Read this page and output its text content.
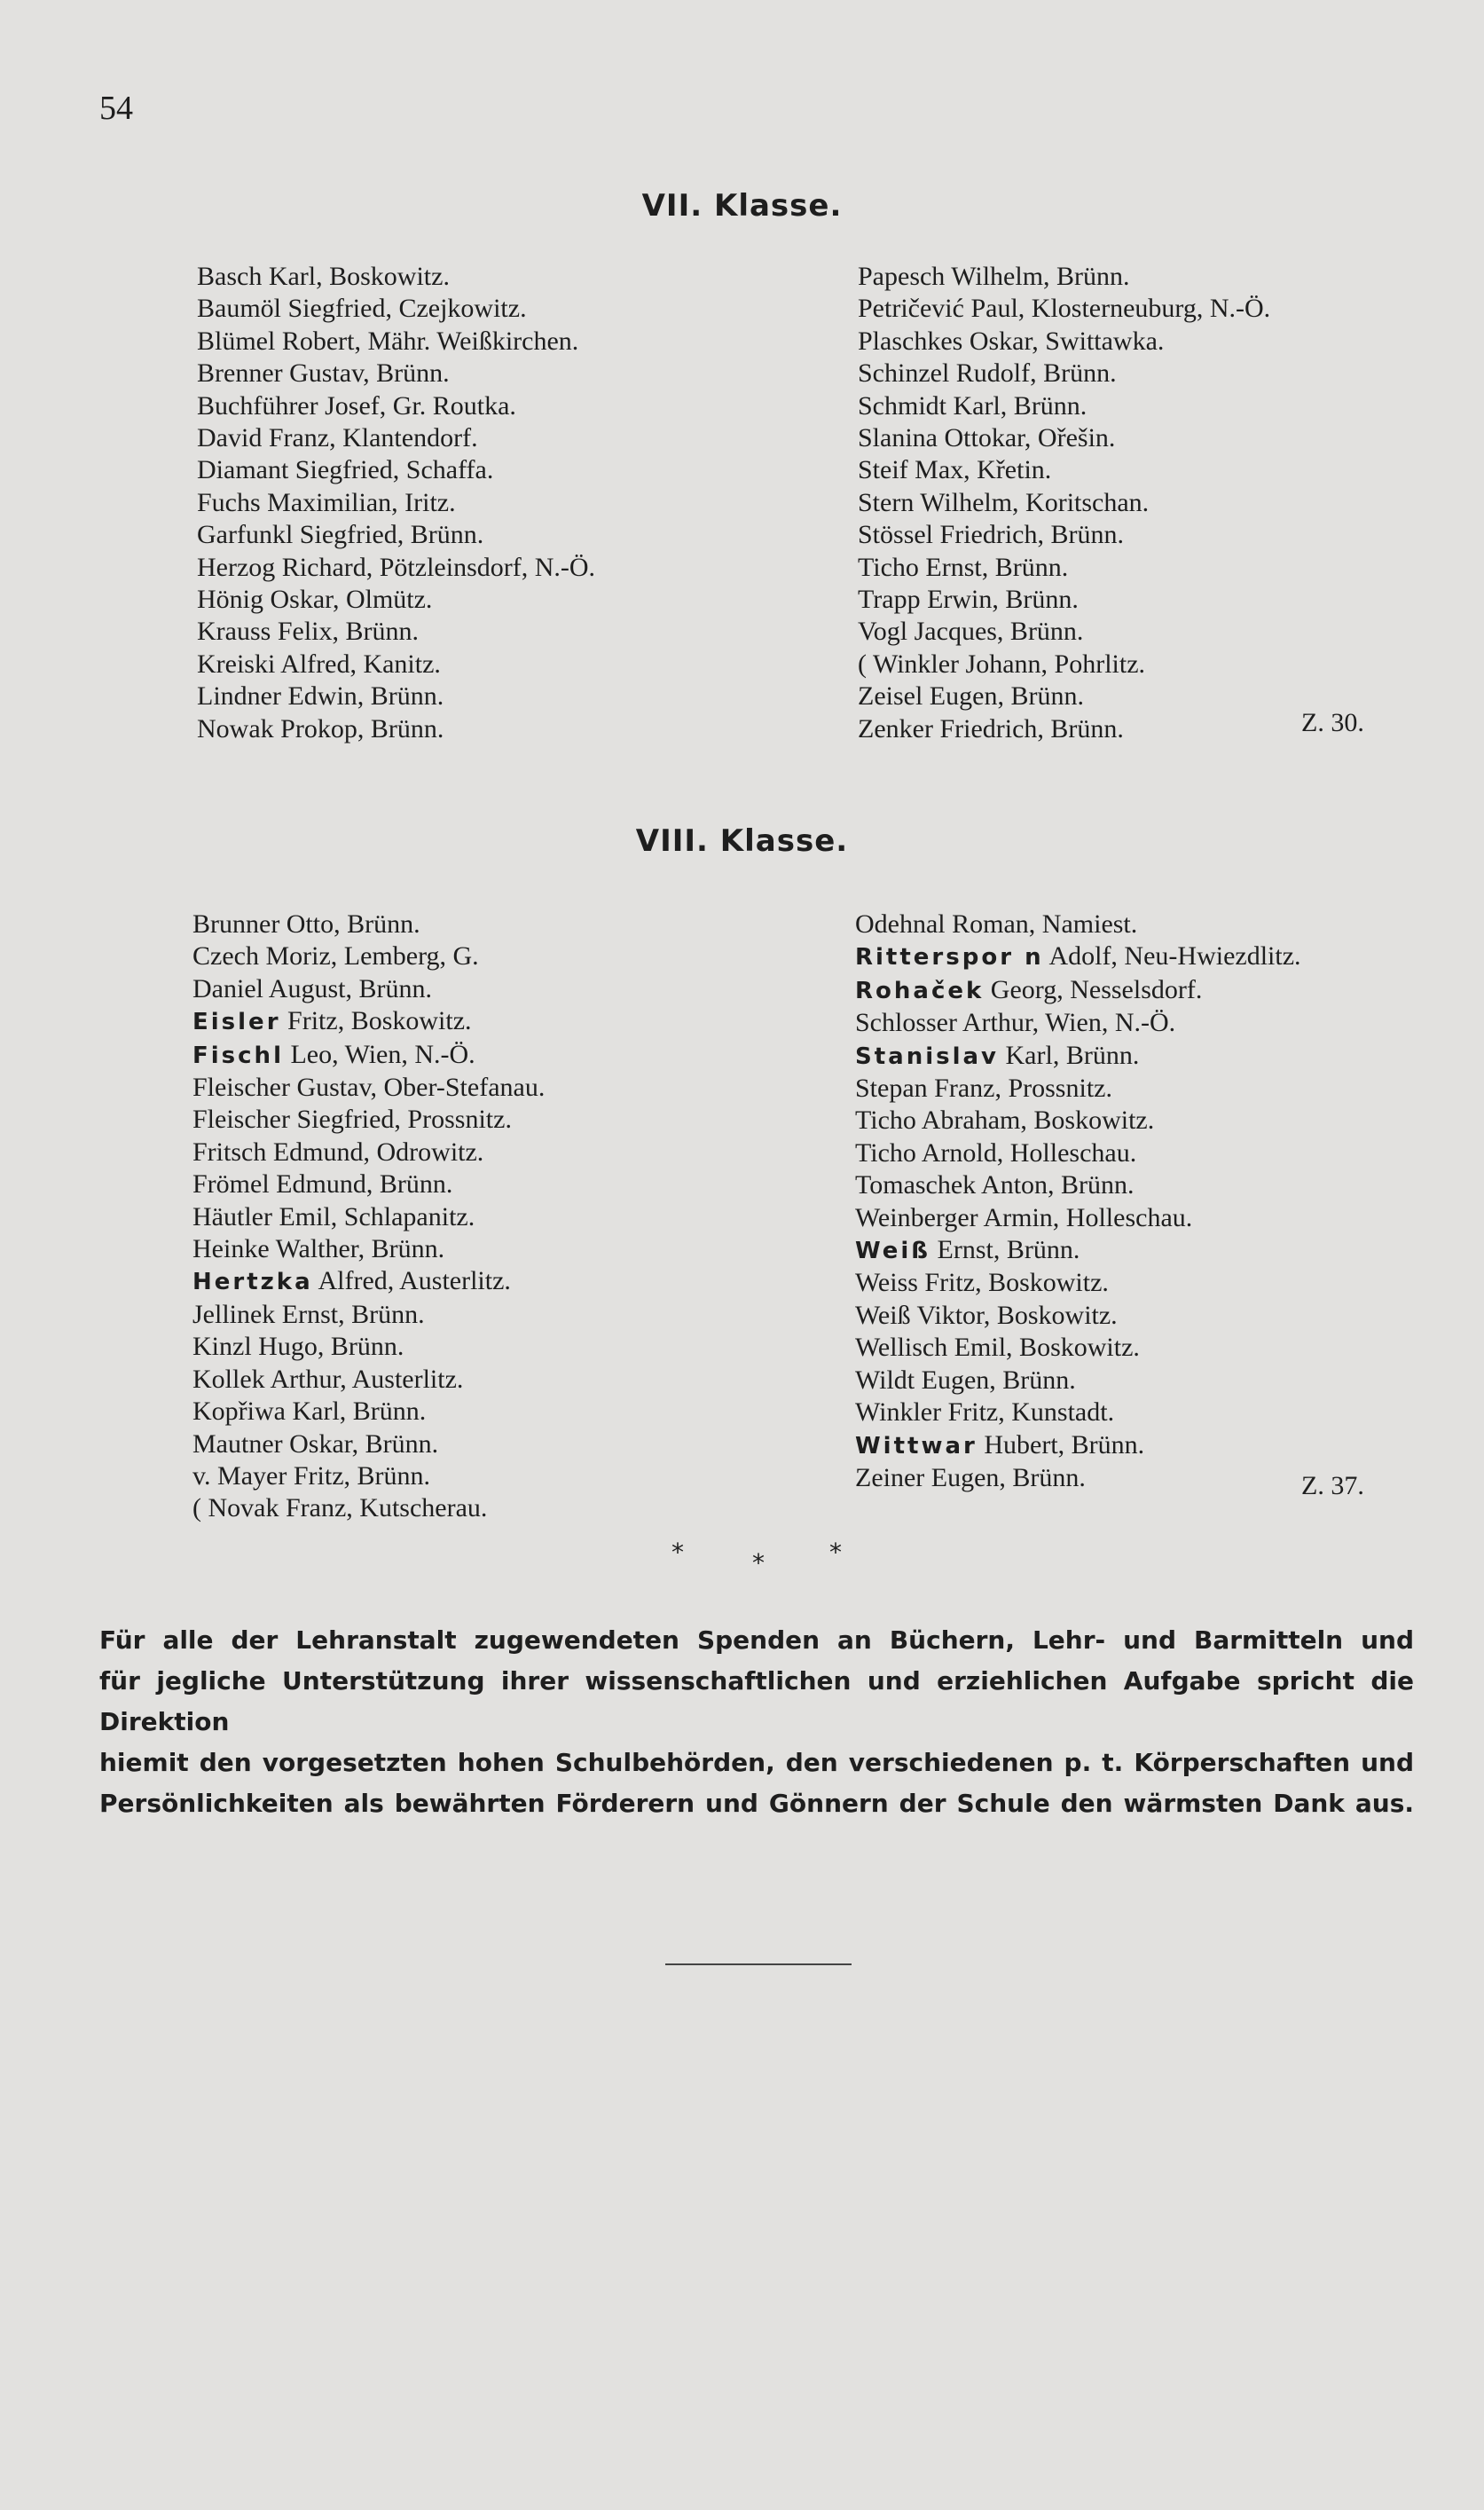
54
VII. Klasse.
Basch Karl, Boskowitz.
Baumöl Siegfried, Czejkowitz.
Blümel Robert, Mähr. Weißkirchen.
Brenner Gustav, Brünn.
Buchführer Josef, Gr. Routka.
David Franz, Klantendorf.
Diamant Siegfried, Schaffa.
Fuchs Maximilian, Iritz.
Garfunkl Siegfried, Brünn.
Herzog Richard, Pötzleinsdorf, N.-Ö.
Hönig Oskar, Olmütz.
Krauss Felix, Brünn.
Kreiski Alfred, Kanitz.
Lindner Edwin, Brünn.
Nowak Prokop, Brünn.
Papesch Wilhelm, Brünn.
Petričević Paul, Klosterneuburg, N.-Ö.
Plaschkes Oskar, Swittawka.
Schinzel Rudolf, Brünn.
Schmidt Karl, Brünn.
Slanina Ottokar, Ořešin.
Steif Max, Křetin.
Stern Wilhelm, Koritschan.
Stössel Friedrich, Brünn.
Ticho Ernst, Brünn.
Trapp Erwin, Brünn.
Vogl Jacques, Brünn.
( Winkler Johann, Pohrlitz.
Zeisel Eugen, Brünn.
Zenker Friedrich, Brünn.	Z. 30.
VIII. Klasse.
Brunner Otto, Brünn.
Czech Moriz, Lemberg, G.
Daniel August, Brünn.
Eisler Fritz, Boskowitz.
Fischl Leo, Wien, N.-Ö.
Fleischer Gustav, Ober-Stefanau.
Fleischer Siegfried, Prossnitz.
Fritsch Edmund, Odrowitz.
Frömel Edmund, Brünn.
Häutler Emil, Schlapanitz.
Heinke Walther, Brünn.
Hertzka Alfred, Austerlitz.
Jellinek Ernst, Brünn.
Kinzl Hugo, Brünn.
Kollek Arthur, Austerlitz.
Kopřiwa Karl, Brünn.
Mautner Oskar, Brünn.
v. Mayer Fritz, Brünn.
( Novak Franz, Kutscherau.
Odehnal Roman, Namiest.
Ritterspor n Adolf, Neu-Hwiezdlitz.
Rohaček Georg, Nesselsdorf.
Schlosser Arthur, Wien, N.-Ö.
Stanislav Karl, Brünn.
Stepan Franz, Prossnitz.
Ticho Abraham, Boskowitz.
Ticho Arnold, Holleschau.
Tomaschek Anton, Brünn.
Weinberger Armin, Holleschau.
Weiß Ernst, Brünn.
Weiss Fritz, Boskowitz.
Weiß Viktor, Boskowitz.
Wellisch Emil, Boskowitz.
Wildt Eugen, Brünn.
Winkler Fritz, Kunstadt.
Wittwar Hubert, Brünn.
Zeiner Eugen, Brünn.	Z. 37.
*	*	*

Für alle der Lehranstalt zugewendeten Spenden an Büchern, Lehr- und Barmitteln und
für jegliche Unterstützung ihrer wissenschaftlichen und erziehlichen Aufgabe spricht die Direktion
hiemit den vorgesetzten hohen Schulbehörden, den verschiedenen p. t. Körperschaften und
Persönlichkeiten als bewährten Förderern und Gönnern der Schule den wärmsten Dank aus.
